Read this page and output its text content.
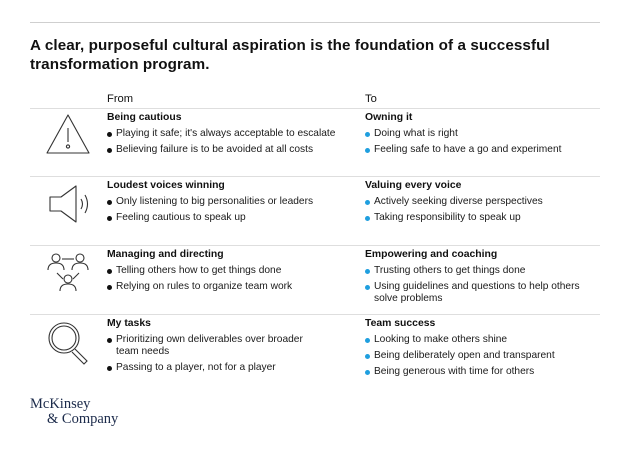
A clear, purposeful cultural aspiration is the foundation of a successful transformation program.
From	To
Being cautious
Playing it safe; it's always acceptable to escalate
Believing failure is to be avoided at all costs
Owning it
Doing what is right
Feeling safe to have a go and experiment
Loudest voices winning
Only listening to big personalities or leaders
Feeling cautious to speak up
Valuing every voice
Actively seeking diverse perspectives
Taking responsibility to speak up
Managing and directing
Telling others how to get things done
Relying on rules to organize team work
Empowering and coaching
Trusting others to get things done
Using guidelines and questions to help others solve problems
My tasks
Prioritizing own deliverables over broader team needs
Passing to a player, not for a player
Team success
Looking to make others shine
Being deliberately open and transparent
Being generous with time for others
McKinsey
& Company
